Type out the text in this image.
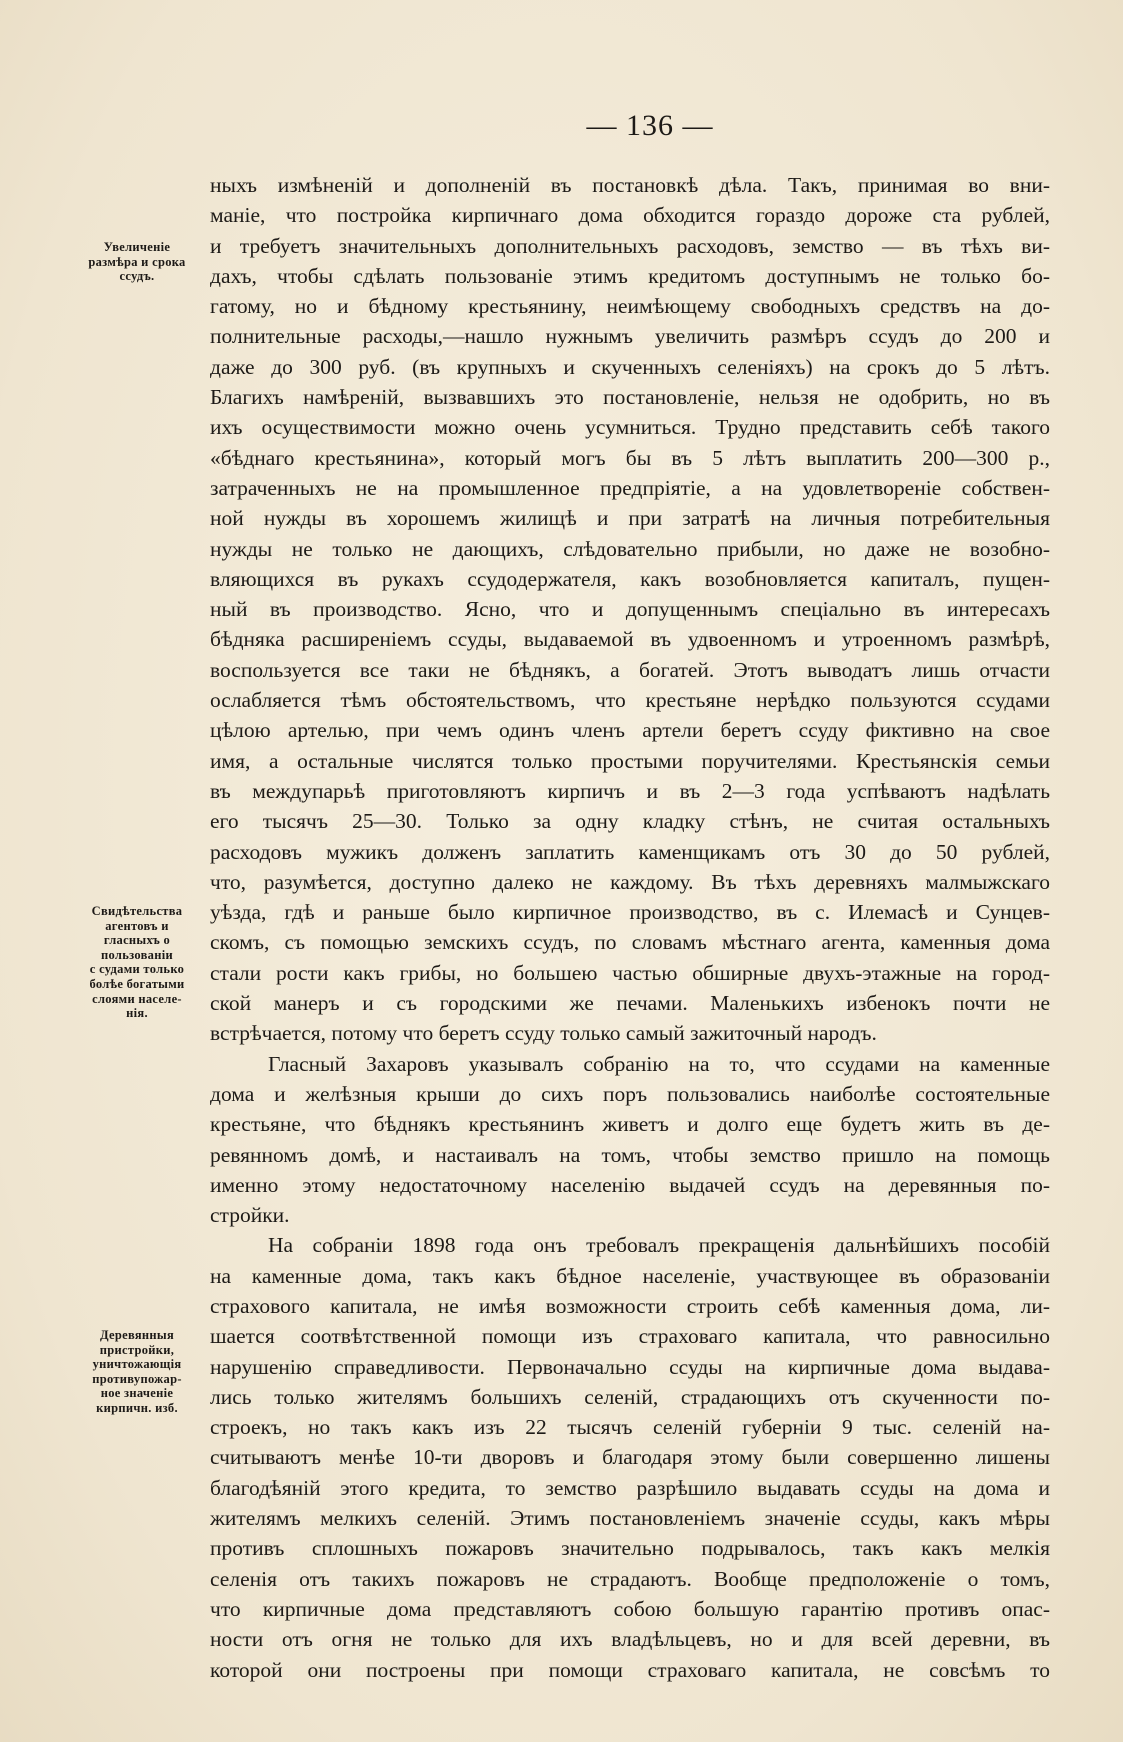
— 136 —
Увеличеніе
размѣра и срока
ссудъ.
Свидѣтельства
агентовъ и
гласныхъ о
пользованіи
с судами только
болѣе богатыми
слоями населе-
нія.
Деревянныя
пристройки,
уничтожающія
противупожар-
ное значеніе
кирпичн. изб.
ныхъ измѣненій и дополненій въ постановкѣ дѣла. Такъ, принимая во вни-
маніе, что постройка кирпичнаго дома обходится гораздо дороже ста рублей,
и требуетъ значительныхъ дополнительныхъ расходовъ, земство — въ тѣхъ ви-
дахъ, чтобы сдѣлать пользованіе этимъ кредитомъ доступнымъ не только бо-
гатому, но и бѣдному крестьянину, неимѣющему свободныхъ средствъ на до-
полнительные расходы,—нашло нужнымъ увеличить размѣръ ссудъ до 200 и
даже до 300 руб. (въ крупныхъ и скученныхъ селеніяхъ) на срокъ до 5 лѣтъ.
Благихъ намѣреній, вызвавшихъ это постановленіе, нельзя не одобрить, но въ
ихъ осуществимости можно очень усумниться. Трудно представить себѣ такого
«бѣднаго крестьянина», который могъ бы въ 5 лѣтъ выплатить 200—300 р.,
затраченныхъ не на промышленное предпріятіе, а на удовлетвореніе собствен-
ной нужды въ хорошемъ жилищѣ и при затратѣ на личныя потребительныя
нужды не только не дающихъ, слѣдовательно прибыли, но даже не возобно-
вляющихся въ рукахъ ссудодержателя, какъ возобновляется капиталъ, пущен-
ный въ производство. Ясно, что и допущеннымъ спеціально въ интересахъ
бѣдняка расширеніемъ ссуды, выдаваемой въ удвоенномъ и утроенномъ размѣрѣ,
воспользуется все таки не бѣднякъ, а богатей. Этотъ выводатъ лишь отчасти
ослабляется тѣмъ обстоятельствомъ, что крестьяне нерѣдко пользуются ссудами
цѣлою артелью, при чемъ одинъ членъ артели беретъ ссуду фиктивно на свое
имя, а остальные числятся только простыми поручителями. Крестьянскія семьи
въ междупарьѣ приготовляютъ кирпичъ и въ 2—3 года успѣваютъ надѣлать
его тысячъ 25—30. Только за одну кладку стѣнъ, не считая остальныхъ
расходовъ мужикъ долженъ заплатить каменщикамъ отъ 30 до 50 рублей,
что, разумѣется, доступно далеко не каждому. Въ тѣхъ деревняхъ малмыжскаго
уѣзда, гдѣ и раньше было кирпичное производство, въ с. Илемасѣ и Сунцев-
скомъ, съ помощью земскихъ ссудъ, по словамъ мѣстнаго агента, каменныя дома
стали рости какъ грибы, но большею частью обширные двухъ-этажные на город-
ской манеръ и съ городскими же печами. Маленькихъ избенокъ почти не
встрѣчается, потому что беретъ ссуду только самый зажиточный народъ.
Гласный Захаровъ указывалъ собранію на то, что ссудами на каменные
дома и желѣзныя крыши до сихъ поръ пользовались наиболѣе состоятельные
крестьяне, что бѣднякъ крестьянинъ живетъ и долго еще будетъ жить въ де-
ревянномъ домѣ, и настаивалъ на томъ, чтобы земство пришло на помощь
именно этому недостаточному населенію выдачей ссудъ на деревянныя по-
стройки.
На собраніи 1898 года онъ требовалъ прекращенія дальнѣйшихъ пособій
на каменные дома, такъ какъ бѣдное населеніе, участвующее въ образованіи
страхового капитала, не имѣя возможности строить себѣ каменныя дома, ли-
шается соотвѣтственной помощи изъ страховаго капитала, что равносильно
нарушенію справедливости. Первоначально ссуды на кирпичные дома выдава-
лись только жителямъ большихъ селеній, страдающихъ отъ скученности по-
строекъ, но такъ какъ изъ 22 тысячъ селеній губерніи 9 тыс. селеній на-
считываютъ менѣе 10-ти дворовъ и благодаря этому были совершенно лишены
благодѣяній этого кредита, то земство разрѣшило выдавать ссуды на дома и
жителямъ мелкихъ селеній. Этимъ постановленіемъ значеніе ссуды, какъ мѣры
противъ сплошныхъ пожаровъ значительно подрывалось, такъ какъ мелкія
селенія отъ такихъ пожаровъ не страдаютъ. Вообще предположеніе о томъ,
что кирпичные дома представляютъ собою большую гарантію противъ опас-
ности отъ огня не только для ихъ владѣльцевъ, но и для всей деревни, въ
которой они построены при помощи страховаго капитала, не совсѣмъ то
